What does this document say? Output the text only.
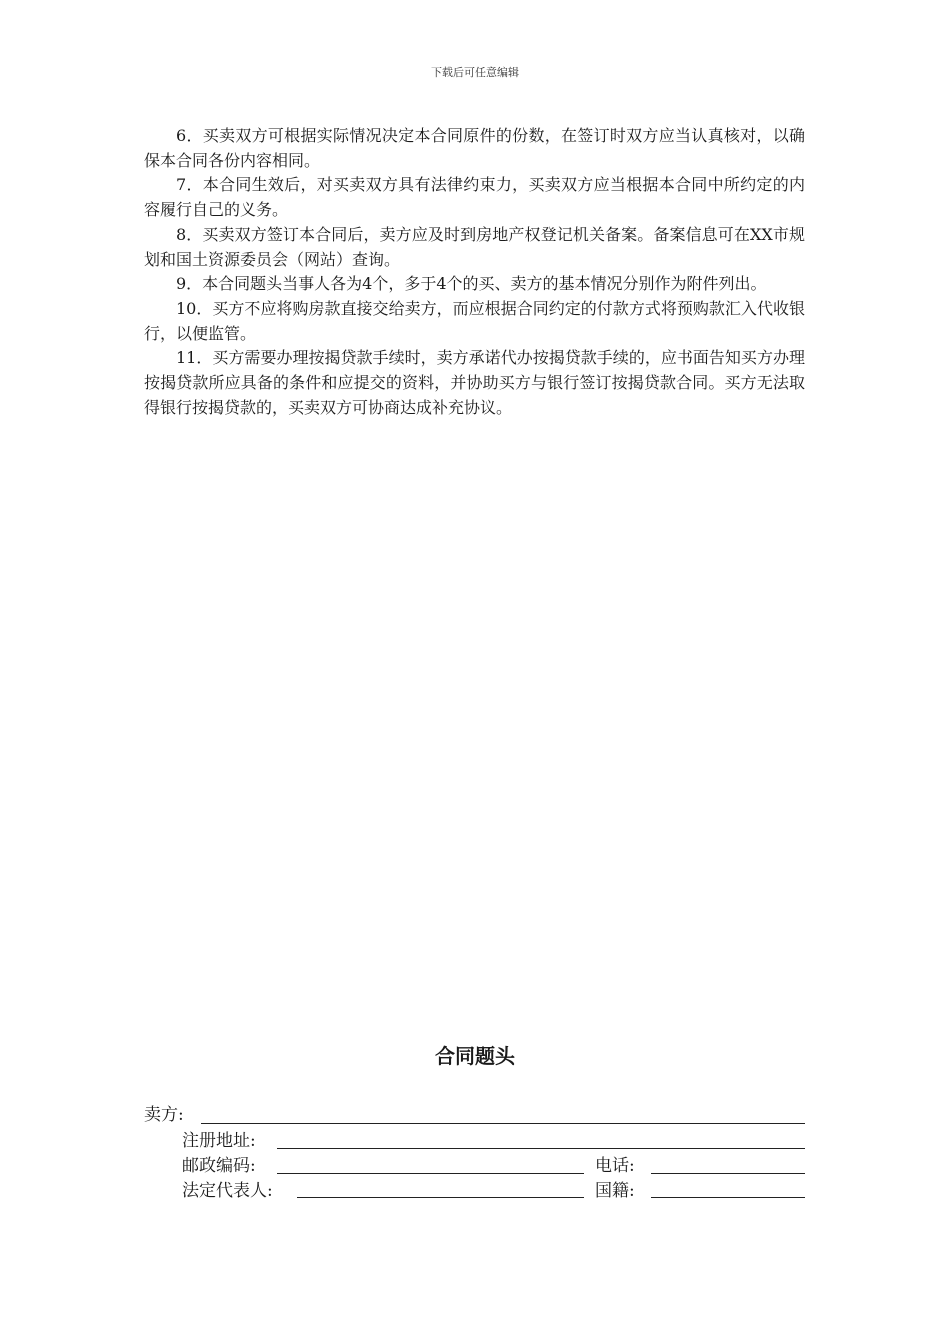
下载后可任意编辑

6．买卖双方可根据实际情况决定本合同原件的份数，在签订时双方应当认真核对，以确保本合同各份内容相同。

7．本合同生效后，对买卖双方具有法律约束力，买卖双方应当根据本合同中所约定的内容履行自己的义务。

8．买卖双方签订本合同后，卖方应及时到房地产权登记机关备案。备案信息可在XX市规划和国土资源委员会（网站）查询。

9．本合同题头当事人各为4个，多于4个的买、卖方的基本情况分别作为附件列出。

10．买方不应将购房款直接交给卖方，而应根据合同约定的付款方式将预购款汇入代收银行，以便监管。

11．买方需要办理按揭贷款手续时，卖方承诺代办按揭贷款手续的，应书面告知买方办理按揭贷款所应具备的条件和应提交的资料，并协助买方与银行签订按揭贷款合同。买方无法取得银行按揭贷款的，买卖双方可协商达成补充协议。

合同题头
卖方:
注册地址:
邮政编码:	电话:
法定代表人:	国籍:
